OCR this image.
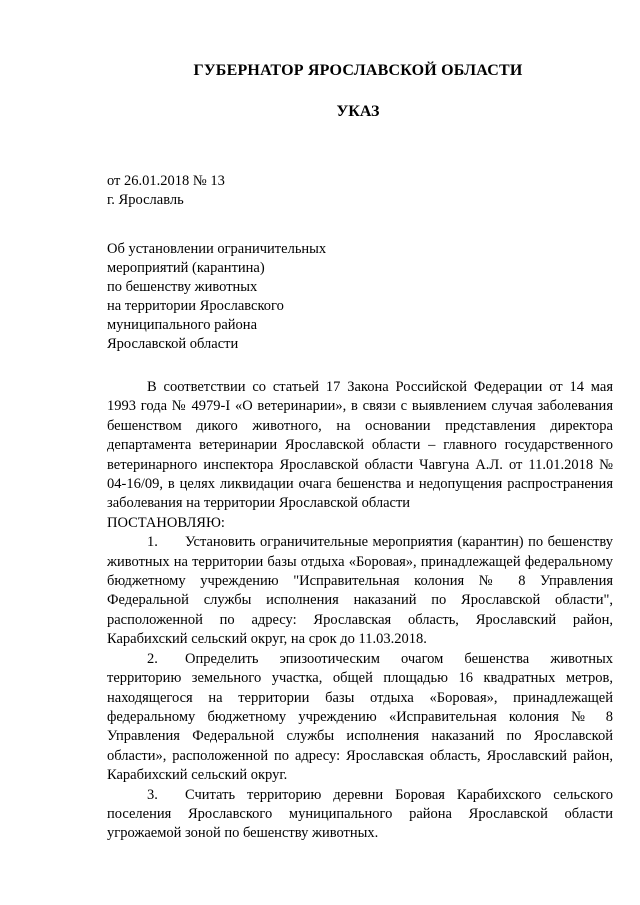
ГУБЕРНАТОР ЯРОСЛАВСКОЙ ОБЛАСТИ
УКАЗ
от 26.01.2018 № 13
г. Ярославль
Об установлении ограничительных
мероприятий (карантина)
по бешенству животных
на территории Ярославского
муниципального района
Ярославской области

В соответствии со статьей 17 Закона Российской Федерации от 14 мая 1993 года № 4979-I «О ветеринарии», в связи с выявлением случая заболевания бешенством дикого животного, на основании представления директора департамента ветеринарии Ярославской области – главного государственного ветеринарного инспектора Ярославской области Чавгуна А.Л. от 11.01.2018 № 04-16/09, в целях ликвидации очага бешенства и недопущения распространения заболевания на территории Ярославской области

ПОСТАНОВЛЯЮ:

1. Установить ограничительные мероприятия (карантин) по бешенству животных на территории базы отдыха «Боровая», принадлежащей федеральному бюджетному учреждению "Исправительная колония № 8 Управления Федеральной службы исполнения наказаний по Ярославской области", расположенной по адресу: Ярославская область, Ярославский район, Карабихский сельский округ, на срок до 11.03.2018.

2. Определить эпизоотическим очагом бешенства животных территорию земельного участка, общей площадью 16 квадратных метров, находящегося на территории базы отдыха «Боровая», принадлежащей федеральному бюджетному учреждению «Исправительная колония № 8 Управления Федеральной службы исполнения наказаний по Ярославской области», расположенной по адресу: Ярославская область, Ярославский район, Карабихский сельский округ.

3. Считать территорию деревни Боровая Карабихского сельского поселения Ярославского муниципального района Ярославской области угрожаемой зоной по бешенству животных.
